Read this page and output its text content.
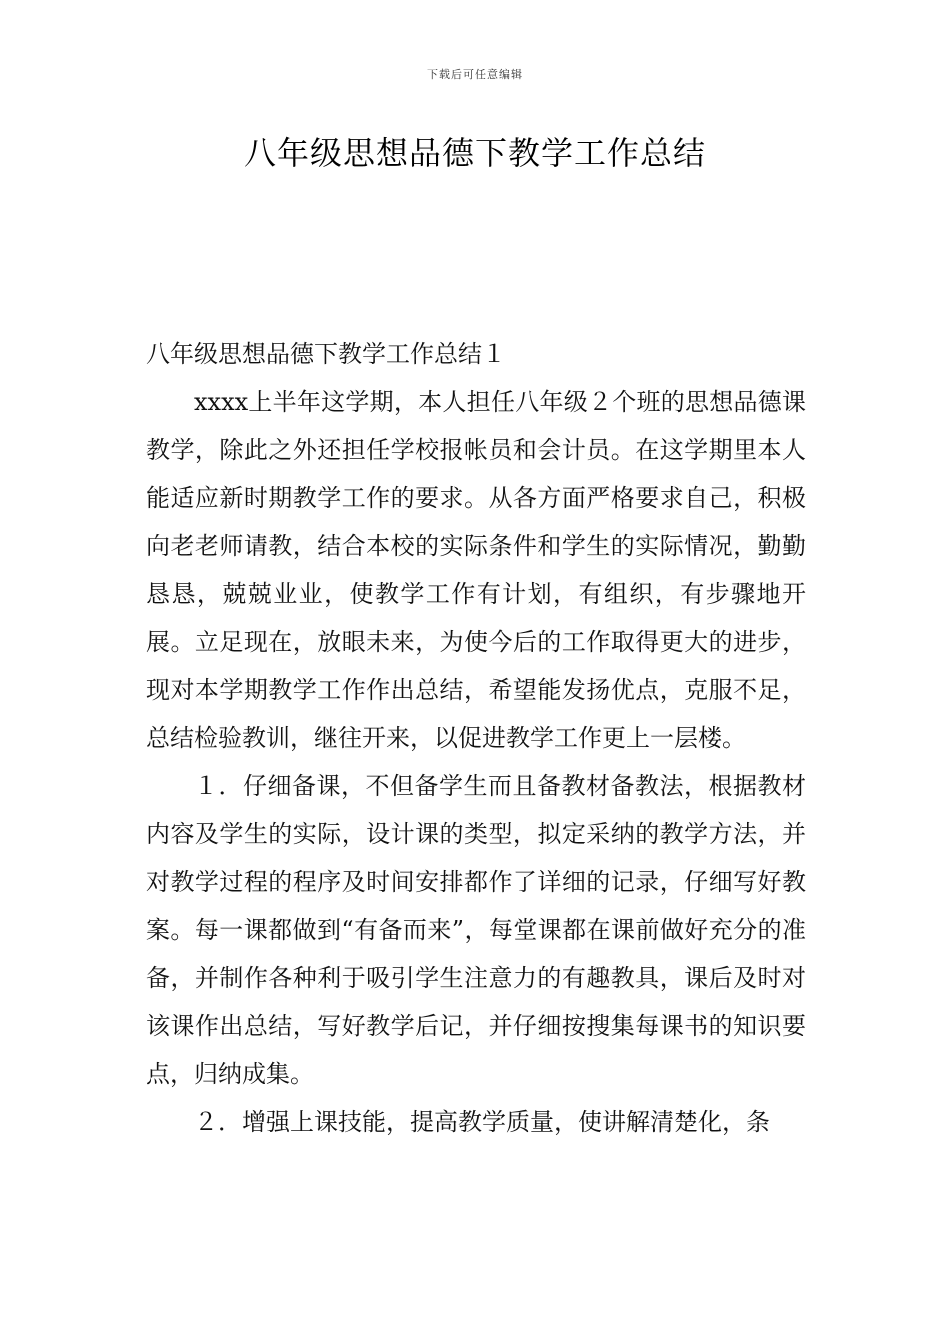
下载后可任意编辑
八年级思想品德下教学工作总结
八年级思想品德下教学工作总结１

xxxx上半年这学期，本人担任八年级２个班的思想品德课教学，除此之外还担任学校报帐员和会计员。在这学期里本人能适应新时期教学工作的要求。从各方面严格要求自己，积极向老老师请教，结合本校的实际条件和学生的实际情况，勤勤恳恳，兢兢业业，使教学工作有计划，有组织，有步骤地开展。立足现在，放眼未来，为使今后的工作取得更大的进步，现对本学期教学工作作出总结，希望能发扬优点，克服不足，总结检验教训，继往开来，以促进教学工作更上一层楼。

１．仔细备课，不但备学生而且备教材备教法，根据教材内容及学生的实际，设计课的类型，拟定采纳的教学方法，并对教学过程的程序及时间安排都作了详细的记录，仔细写好教案。每一课都做到“有备而来”，每堂课都在课前做好充分的准备，并制作各种利于吸引学生注意力的有趣教具，课后及时对该课作出总结，写好教学后记，并仔细按搜集每课书的知识要点，归纳成集。

２．增强上课技能，提高教学质量，使讲解清楚化，条
